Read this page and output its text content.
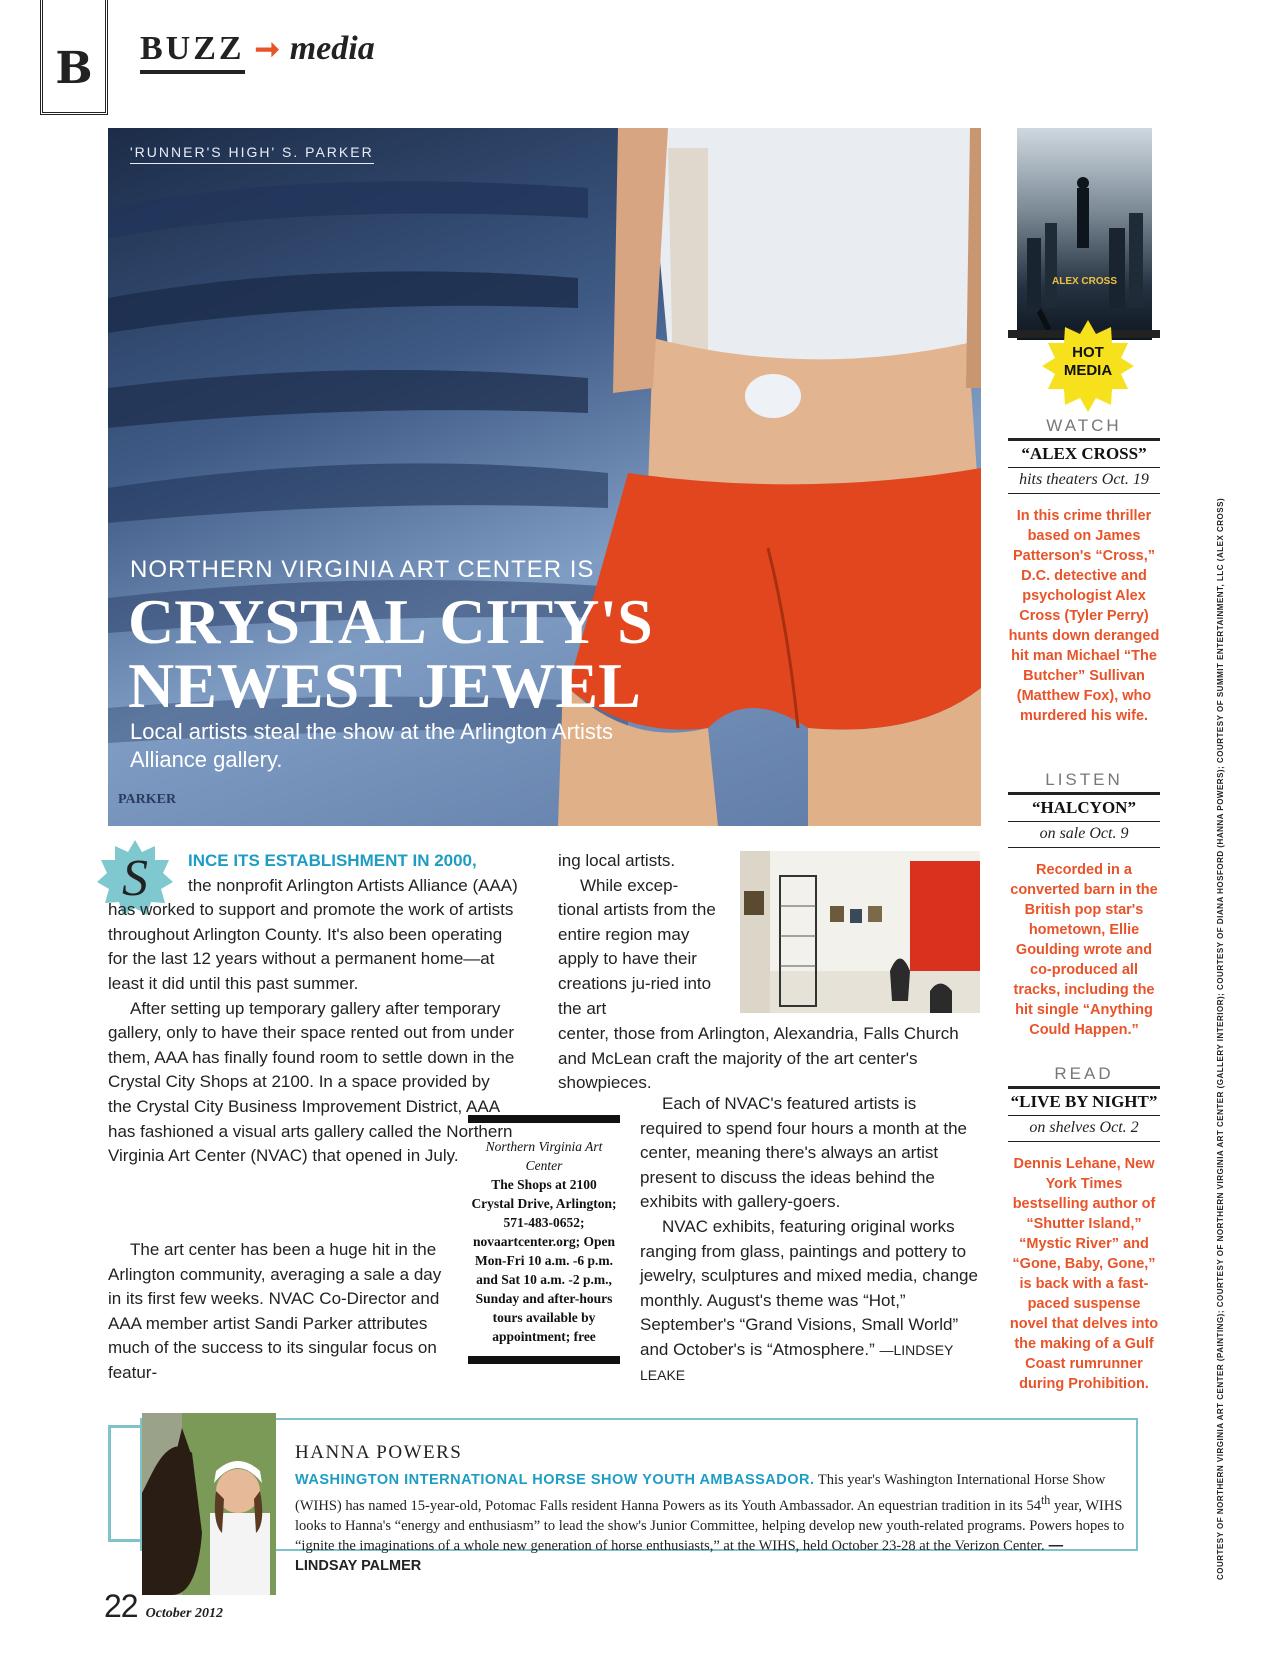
B BUZZ ➞ media
'RUNNER'S HIGH' S. PARKER
NORTHERN VIRGINIA ART CENTER IS
CRYSTAL CITY'S
NEWEST JEWEL
Local artists steal the show at the Arlington Artists Alliance gallery.
PARKER
S	INCE ITS ESTABLISHMENT IN 2000,

the nonprofit Arlington Artists Alliance (AAA) has worked to support and promote the work of artists throughout Arlington County. It's also been operating for the last 12 years without a permanent home—at least it did until this past summer.

After setting up temporary gallery after temporary gallery, only to have their space rented out from under them, AAA has finally found room to settle down in the Crystal City Shops at 2100. In a space provided by the Crystal City Business Improvement District, AAA has fashioned a visual arts gallery called the Northern Virginia Art Center (NVAC) that opened in July.

The art center has been a huge hit in the Arlington community, averaging a sale a day in its first few weeks. NVAC Co-Director and AAA member artist Sandi Parker attributes much of the success to its singular focus on featur-

ing local artists.

While excep-tional artists from the entire region may apply to have their creations ju-ried into the art

center, those from Arlington, Alexandria, Falls Church and McLean craft the majority of the art center's showpieces.

Northern Virginia Art Center
The Shops at 2100 Crystal Drive, Arlington; 571-483-0652; novaartcenter.org; Open Mon-Fri 10 a.m. -6 p.m. and Sat 10 a.m. -2 p.m., Sunday and after-hours tours available by appointment; free

Each of NVAC's featured artists is required to spend four hours a month at the center, meaning there's always an artist present to discuss the ideas behind the exhibits with gallery-goers.

NVAC exhibits, featuring original works ranging from glass, paintings and pottery to jewelry, sculptures and mixed media, change monthly. August's theme was “Hot,” September's “Grand Visions, Small World” and October's is “Atmosphere.” —LINDSEY LEAKE

ALEX CROSS
HOT
MEDIA
WATCH
“ALEX CROSS”
hits theaters Oct. 19
In this crime thriller based on James Patterson's “Cross,” D.C. detective and psychologist Alex Cross (Tyler Perry) hunts down deranged hit man Michael “The Butcher” Sullivan (Matthew Fox), who murdered his wife.
LISTEN
“HALCYON”
on sale Oct. 9
Recorded in a converted barn in the British pop star's hometown, Ellie Goulding wrote and co-produced all tracks, including the hit single “Anything Could Happen.”
READ
“LIVE BY NIGHT”
on shelves Oct. 2
Dennis Lehane, New York Times bestselling author of “Shutter Island,” “Mystic River” and “Gone, Baby, Gone,” is back with a fast-paced suspense novel that delves into the making of a Gulf Coast rumrunner during Prohibition.	COURTESY OF NORTHERN VIRGINIA ART CENTER (PAINTING); COURTESY OF NORTHERN VIRGINIA ART CENTER (GALLERY INTERIOR); COURTESY OF DIANA HOSFORD (HANNA POWERS); COURTESY OF SUMMIT ENTERTAINMENT, LLC (ALEX CROSS)
HANNA POWERS
WASHINGTON INTERNATIONAL HORSE SHOW YOUTH AMBASSADOR. This year's Washington International Horse Show (WIHS) has named 15-year-old, Potomac Falls resident Hanna Powers as its Youth Ambassador. An equestrian tradition in its 54th year, WIHS looks to Hanna's “energy and enthusiasm” to lead the show's Junior Committee, helping develop new youth-related programs. Powers hopes to “ignite the imaginations of a whole new generation of horse enthusiasts,” at the WIHS, held October 23-28 at the Verizon Center. —LINDSAY PALMER
22 October 2012
